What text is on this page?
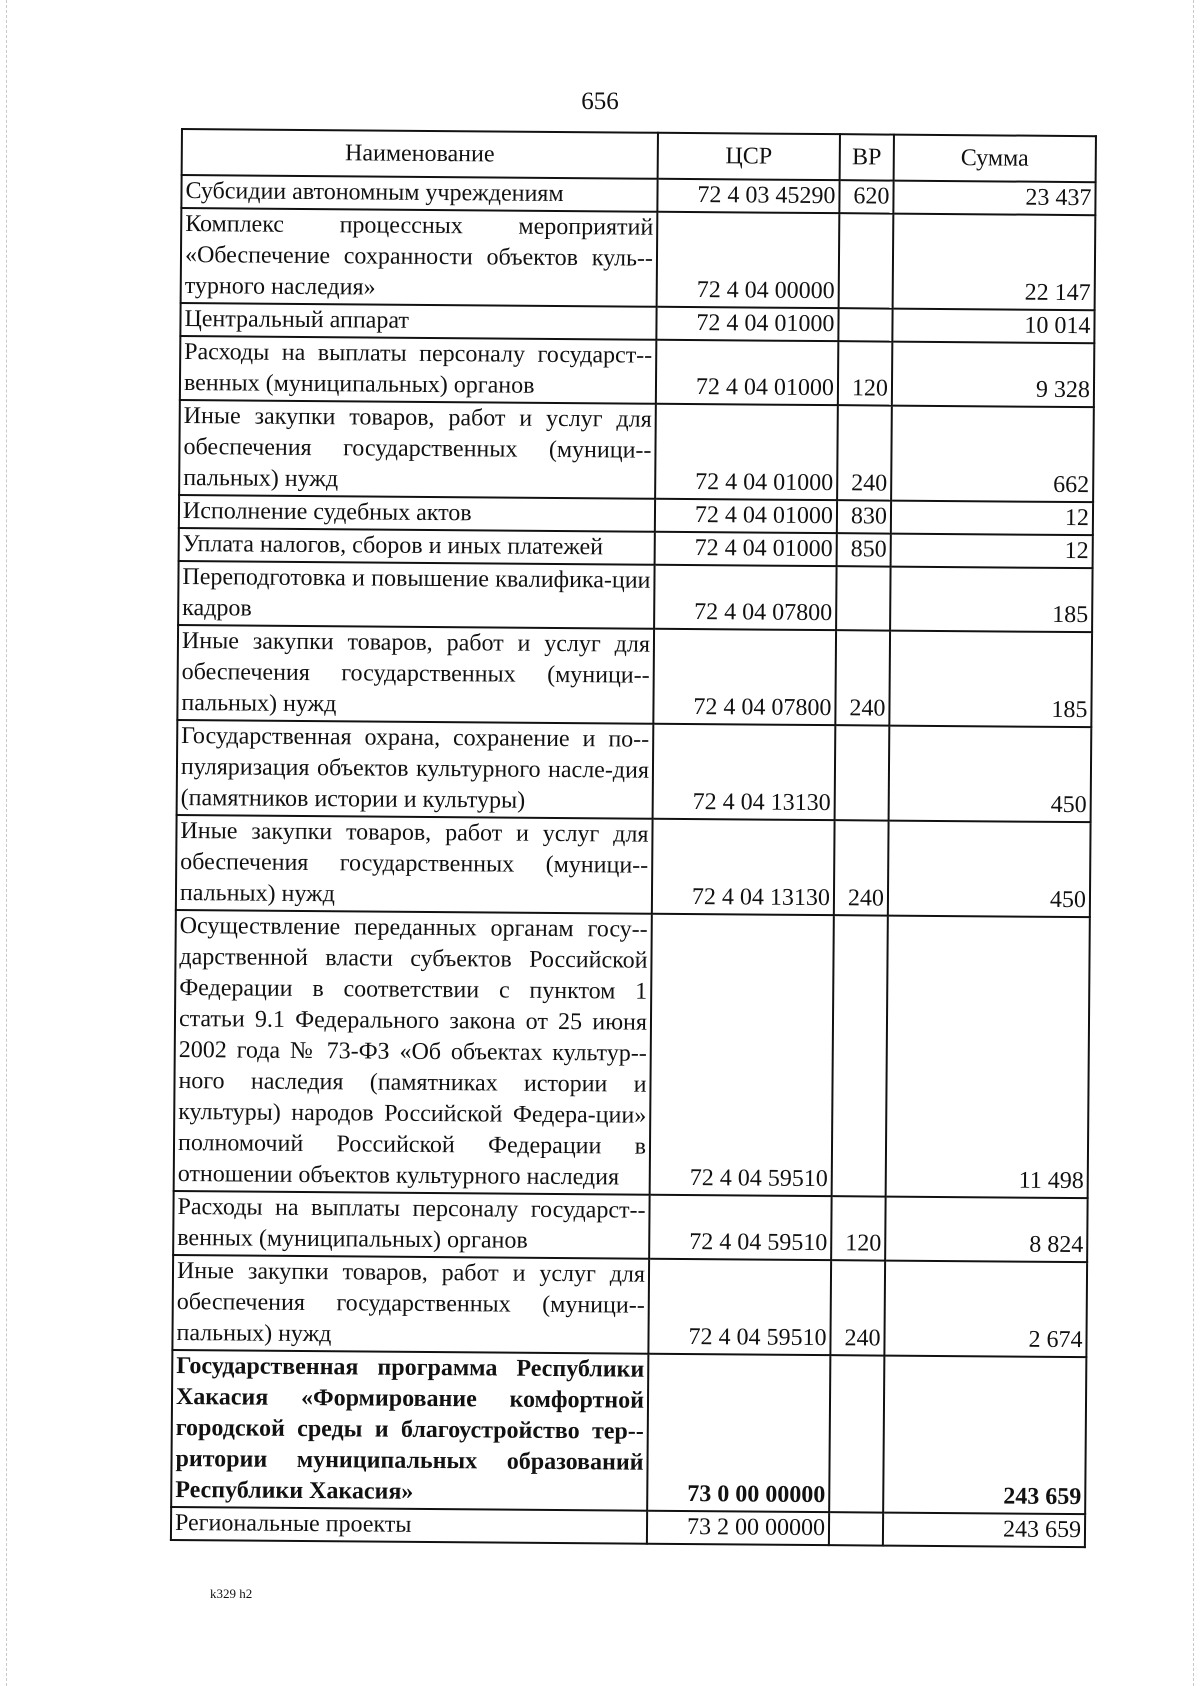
656
Наименование	ЦСР	ВР	Сумма
Субсидии автономным учреждениям	72 4 03 45290	620	23 437
Комплекс процессных мероприятий «Обеспечение сохранности объектов куль-турного наследия»	72 4 04 00000		22 147
Центральный аппарат	72 4 04 01000		10 014
Расходы на выплаты персоналу государст-венных (муниципальных) органов	72 4 04 01000	120	9 328
Иные закупки товаров, работ и услуг для обеспечения государственных (муници-пальных) нужд	72 4 04 01000	240	662
Исполнение судебных актов	72 4 04 01000	830	12
Уплата налогов, сборов и иных платежей	72 4 04 01000	850	12
Переподготовка и повышение квалифика-ции кадров	72 4 04 07800		185
Иные закупки товаров, работ и услуг для обеспечения государственных (муници-пальных) нужд	72 4 04 07800	240	185
Государственная охрана, сохранение и по-пуляризация объектов культурного насле-дия (памятников истории и культуры)	72 4 04 13130		450
Иные закупки товаров, работ и услуг для обеспечения государственных (муници-пальных) нужд	72 4 04 13130	240	450
Осуществление переданных органам госу-дарственной власти субъектов Российской Федерации в соответствии с пунктом 1 статьи 9.1 Федерального закона от 25 июня 2002 года № 73-ФЗ «Об объектах культур-ного наследия (памятниках истории и культуры) народов Российской Федера-ции» полномочий Российской Федерации в отношении объектов культурного наследия	72 4 04 59510		11 498
Расходы на выплаты персоналу государст-венных (муниципальных) органов	72 4 04 59510	120	8 824
Иные закупки товаров, работ и услуг для обеспечения государственных (муници-пальных) нужд	72 4 04 59510	240	2 674
Государственная программа Республики Хакасия «Формирование комфортной городской среды и благоустройство тер-ритории муниципальных образований Республики Хакасия»	73 0 00 00000		243 659
Региональные проекты	73 2 00 00000		243 659
k329 h2
